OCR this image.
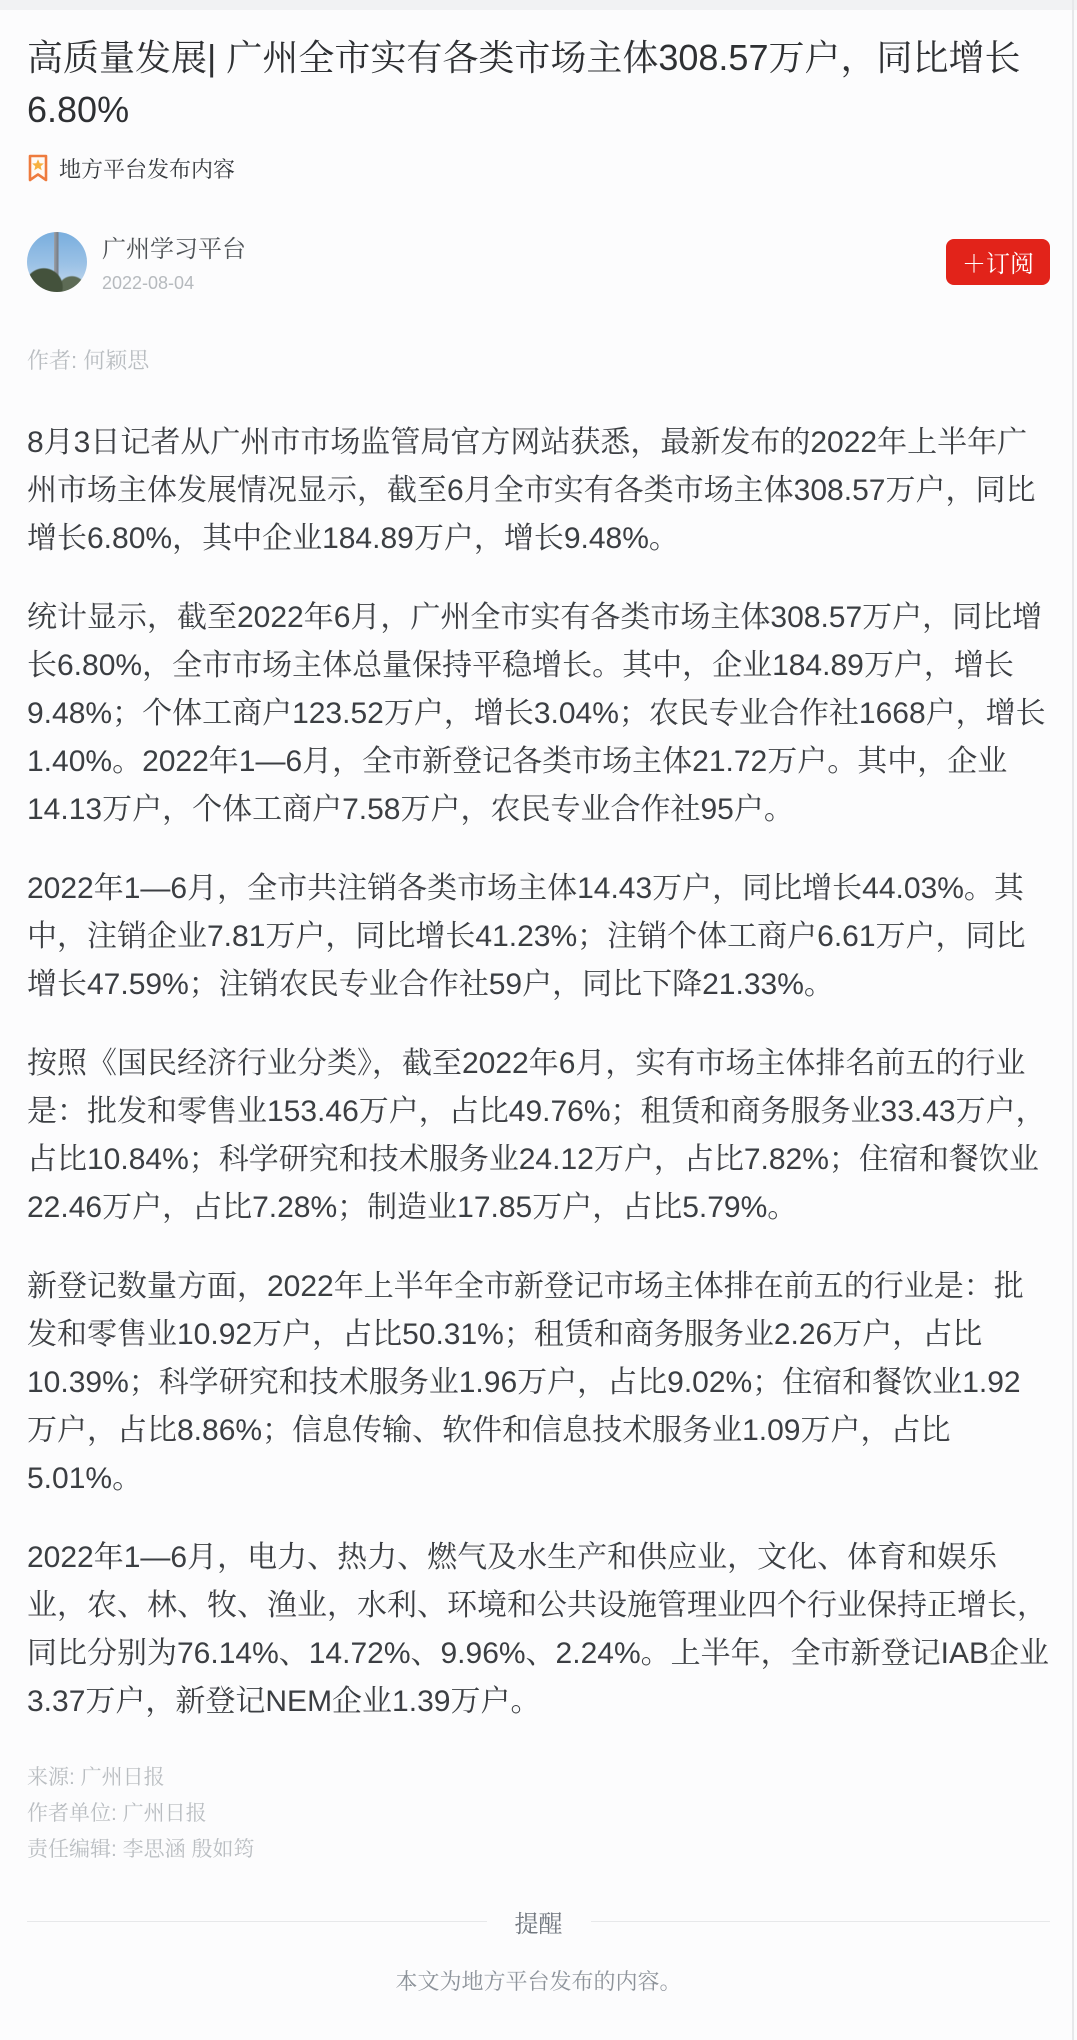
高质量发展| 广州全市实有各类市场主体308.57万户，同比增长6.80%
地方平台发布内容
广州学习平台
2022-08-04
＋订阅
作者: 何颖思

8月3日记者从广州市市场监管局官方网站获悉，最新发布的2022年上半年广州市场主体发展情况显示，截至6月全市实有各类市场主体308.57万户，同比增长6.80%，其中企业184.89万户，增长9.48%。

统计显示，截至2022年6月，广州全市实有各类市场主体308.57万户，同比增长6.80%，全市市场主体总量保持平稳增长。其中，企业184.89万户，增长9.48%；个体工商户123.52万户，增长3.04%；农民专业合作社1668户，增长1.40%。2022年1—6月，全市新登记各类市场主体21.72万户。其中，企业14.13万户，个体工商户7.58万户，农民专业合作社95户。

2022年1—6月，全市共注销各类市场主体14.43万户，同比增长44.03%。其中，注销企业7.81万户，同比增长41.23%；注销个体工商户6.61万户，同比增长47.59%；注销农民专业合作社59户，同比下降21.33%。

按照《国民经济行业分类》，截至2022年6月，实有市场主体排名前五的行业是：批发和零售业153.46万户，占比49.76%；租赁和商务服务业33.43万户，占比10.84%；科学研究和技术服务业24.12万户，占比7.82%；住宿和餐饮业22.46万户，占比7.28%；制造业17.85万户，占比5.79%。

新登记数量方面，2022年上半年全市新登记市场主体排在前五的行业是：批发和零售业10.92万户，占比50.31%；租赁和商务服务业2.26万户，占比10.39%；科学研究和技术服务业1.96万户，占比9.02%；住宿和餐饮业1.92万户，占比8.86%；信息传输、软件和信息技术服务业1.09万户，占比5.01%。

2022年1—6月，电力、热力、燃气及水生产和供应业，文化、体育和娱乐业，农、林、牧、渔业，水利、环境和公共设施管理业四个行业保持正增长，同比分别为76.14%、14.72%、9.96%、2.24%。上半年，全市新登记IAB企业3.37万户，新登记NEM企业1.39万户。

来源: 广州日报
作者单位: 广州日报
责任编辑: 李思涵 殷如筠
提醒
本文为地方平台发布的内容。
